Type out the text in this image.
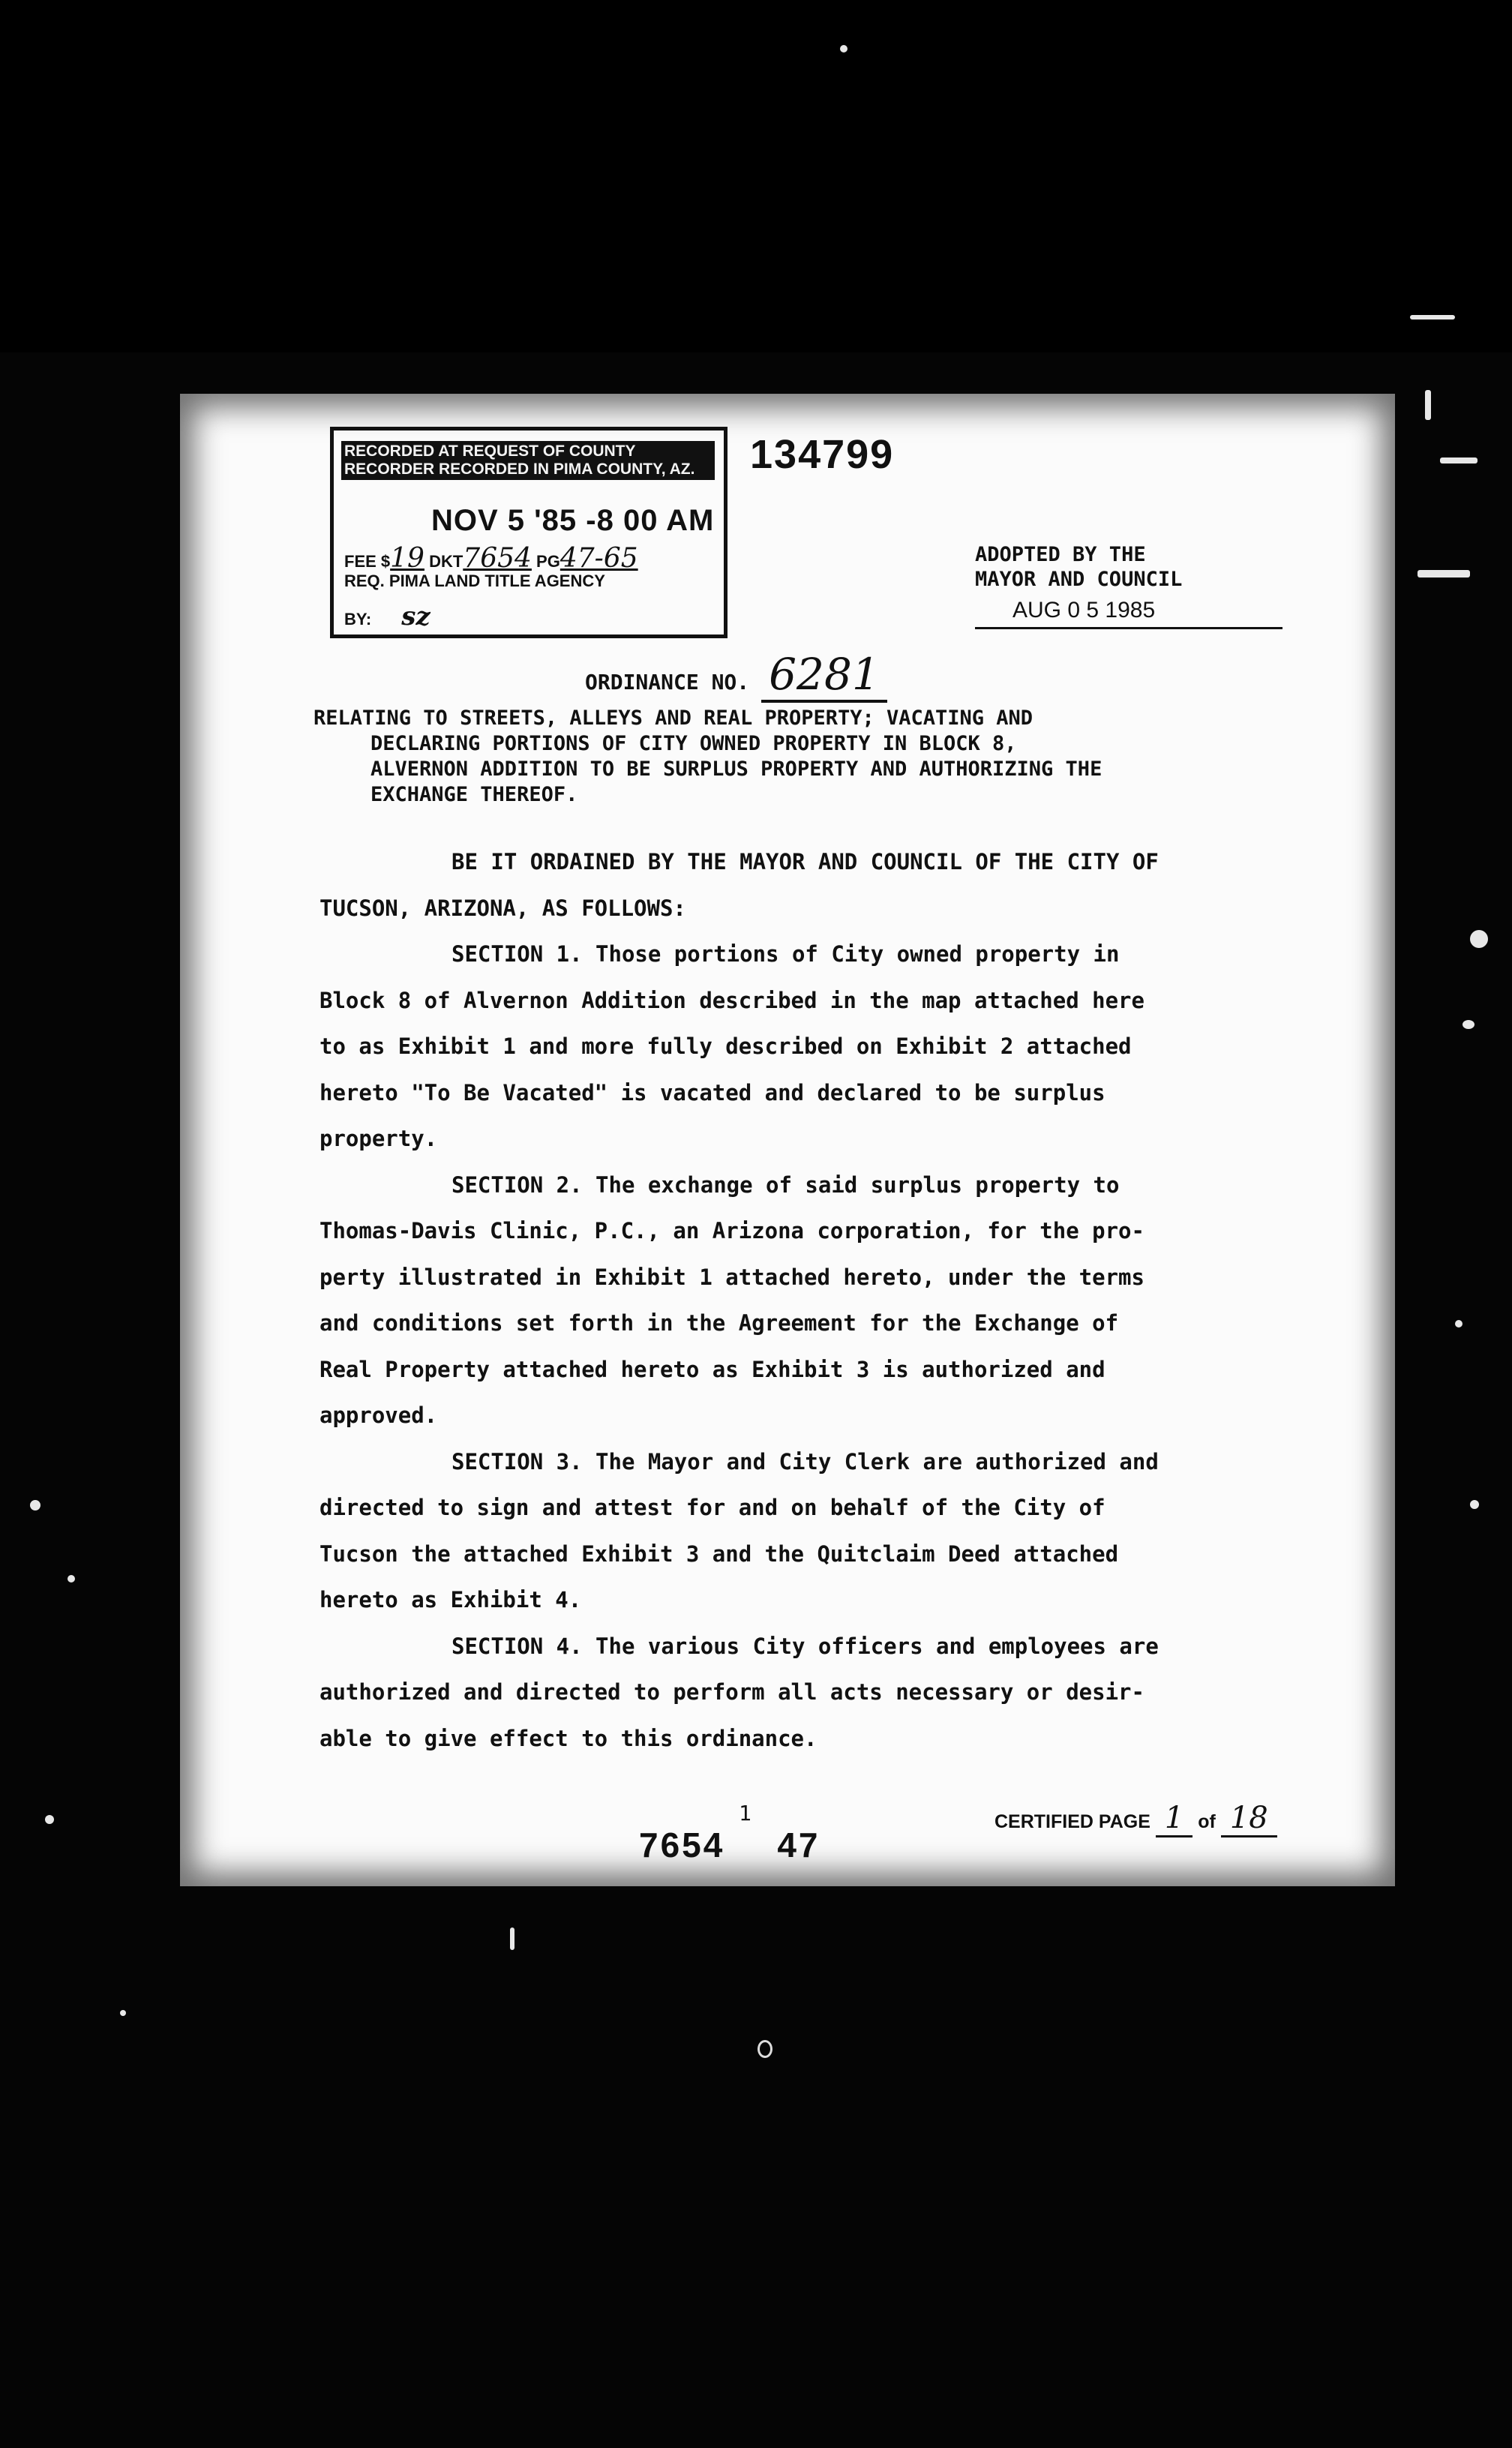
RECORDED AT REQUEST OF COUNTY RECORDER RECORDED IN PIMA COUNTY, AZ.
NOV 5 '85 -8 00 AM
FEE $19 DKT7654 PG47-65
REQ. PIMA LAND TITLE AGENCY
BY: sz
134799
ADOPTED BY THE
MAYOR AND COUNCIL
AUG 0 5 1985
ORDINANCE NO. 6281
RELATING TO STREETS, ALLEYS AND REAL PROPERTY; VACATING AND
DECLARING PORTIONS OF CITY OWNED PROPERTY IN BLOCK 8,
ALVERNON ADDITION TO BE SURPLUS PROPERTY AND AUTHORIZING THE
EXCHANGE THEREOF.

BE IT ORDAINED BY THE MAYOR AND COUNCIL OF THE CITY OF

TUCSON, ARIZONA, AS FOLLOWS:

SECTION 1. Those portions of City owned property in

Block 8 of Alvernon Addition described in the map attached here

to as Exhibit 1 and more fully described on Exhibit 2 attached

hereto "To Be Vacated" is vacated and declared to be surplus

property.

SECTION 2. The exchange of said surplus property to

Thomas-Davis Clinic, P.C., an Arizona corporation, for the pro-

perty illustrated in Exhibit 1 attached hereto, under the terms

and conditions set forth in the Agreement for the Exchange of

Real Property attached hereto as Exhibit 3 is authorized and

approved.

SECTION 3. The Mayor and City Clerk are authorized and

directed to sign and attest for and on behalf of the City of

Tucson the attached Exhibit 3 and the Quitclaim Deed attached

hereto as Exhibit 4.

SECTION 4. The various City officers and employees are

authorized and directed to perform all acts necessary or desir-

able to give effect to this ordinance.

1
7654 47
CERTIFIED PAGE 1 of 18
